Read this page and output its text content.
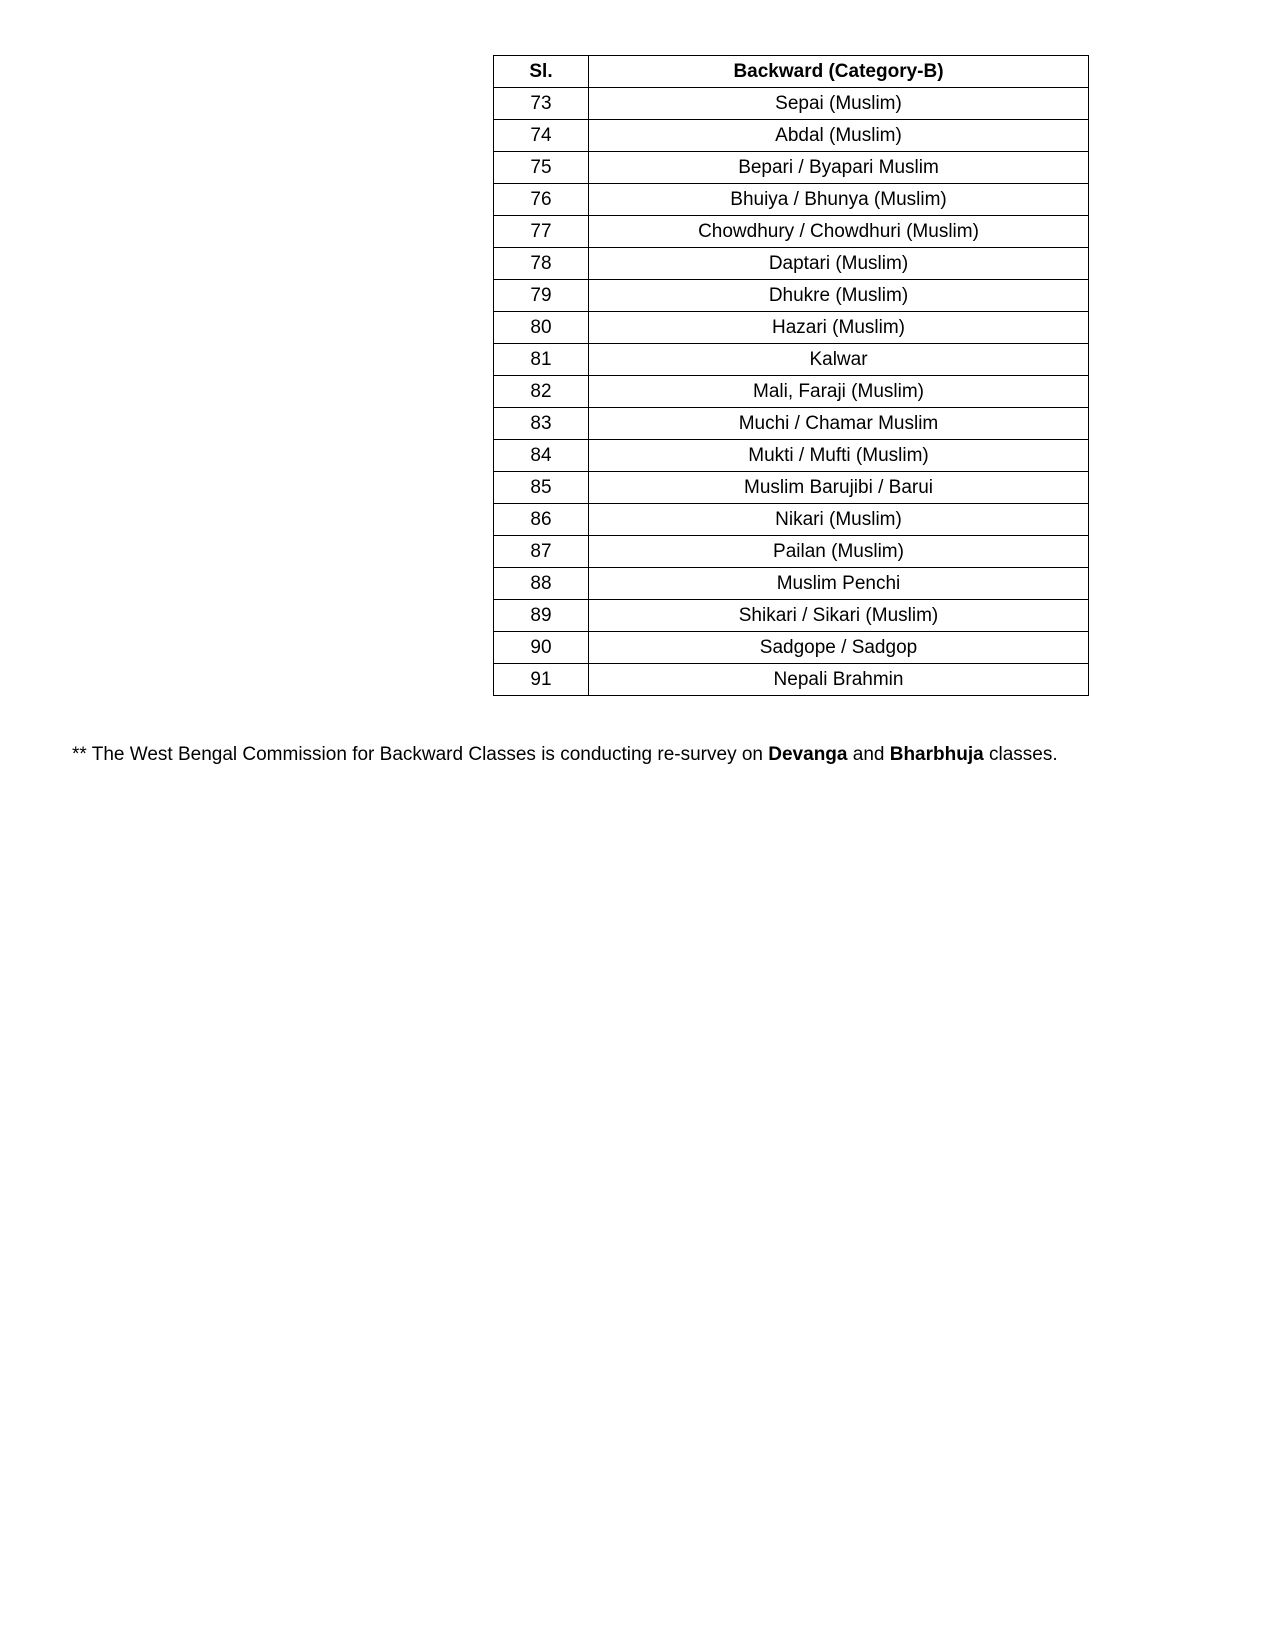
Sl.	Backward (Category-B)
73	Sepai (Muslim)
74	Abdal (Muslim)
75	Bepari / Byapari Muslim
76	Bhuiya / Bhunya (Muslim)
77	Chowdhury / Chowdhuri (Muslim)
78	Daptari (Muslim)
79	Dhukre (Muslim)
80	Hazari (Muslim)
81	Kalwar
82	Mali, Faraji (Muslim)
83	Muchi / Chamar Muslim
84	Mukti / Mufti (Muslim)
85	Muslim Barujibi / Barui
86	Nikari (Muslim)
87	Pailan (Muslim)
88	Muslim Penchi
89	Shikari / Sikari (Muslim)
90	Sadgope / Sadgop
91	Nepali Brahmin
** The West Bengal Commission for Backward Classes is conducting re-survey on Devanga and Bharbhuja classes.
